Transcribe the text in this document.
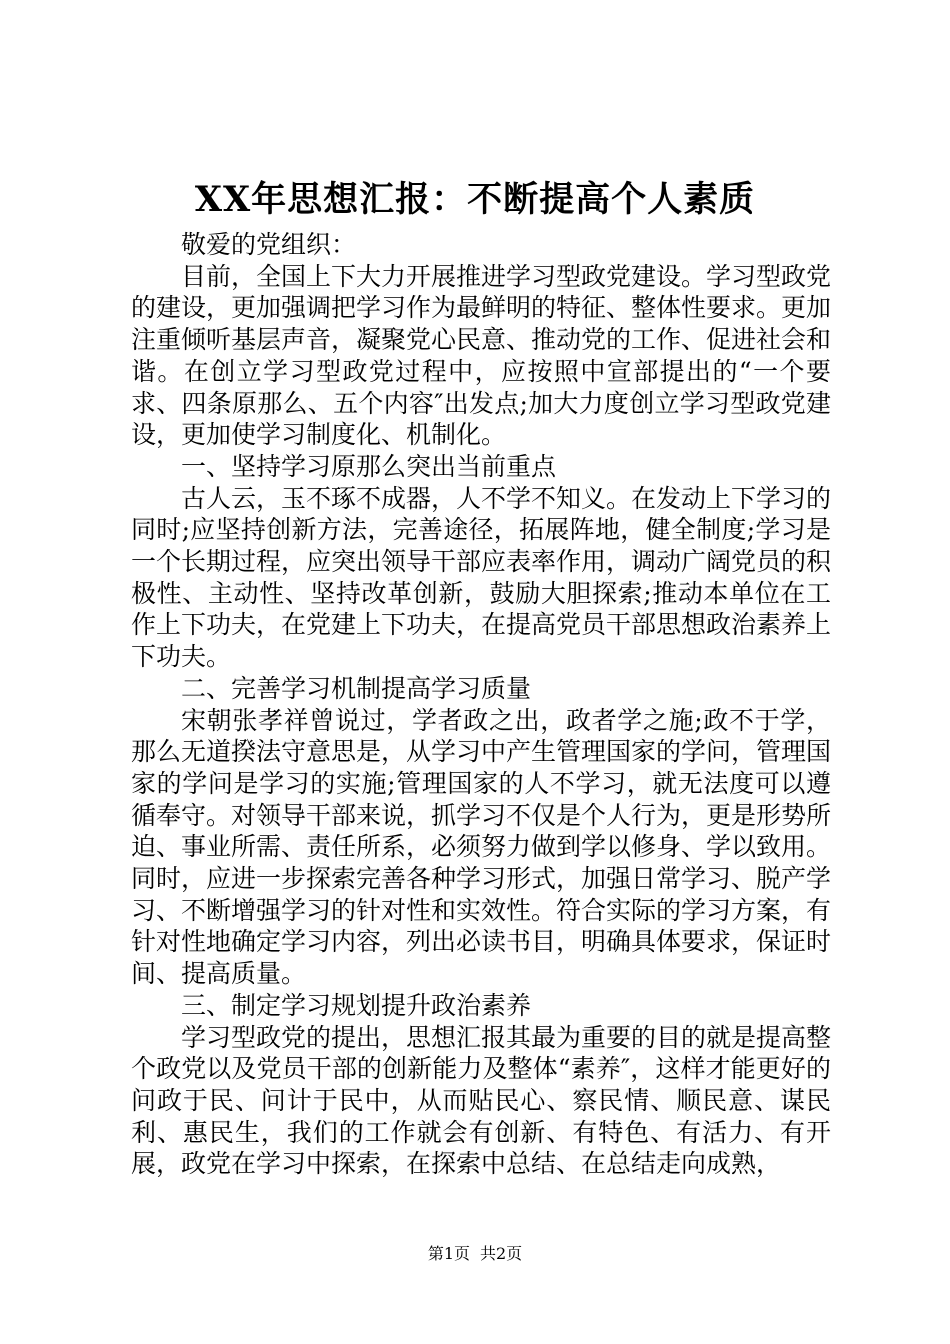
XX年思想汇报：不断提高个人素质

敬爱的党组织：

目前，全国上下大力开展推进学习型政党建设。学习型政党的建设，更加强调把学习作为最鲜明的特征、整体性要求。更加注重倾听基层声音，凝聚党心民意、推动党的工作、促进社会和谐。在创立学习型政党过程中，应按照中宣部提出的“一个要求、四条原那么、五个内容″出发点;加大力度创立学习型政党建设，更加使学习制度化、机制化。

一、坚持学习原那么突出当前重点

古人云，玉不琢不成器，人不学不知义。在发动上下学习的同时;应坚持创新方法，完善途径，拓展阵地，健全制度;学习是一个长期过程，应突出领导干部应表率作用，调动广阔党员的积极性、主动性、坚持改革创新，鼓励大胆探索;推动本单位在工作上下功夫，在党建上下功夫，在提高党员干部思想政治素养上下功夫。

二、完善学习机制提高学习质量

宋朝张孝祥曾说过，学者政之出，政者学之施;政不于学，那么无道揆法守意思是，从学习中产生管理国家的学问，管理国家的学问是学习的实施;管理国家的人不学习，就无法度可以遵循奉守。对领导干部来说，抓学习不仅是个人行为，更是形势所迫、事业所需、责任所系，必须努力做到学以修身、学以致用。同时，应进一步探索完善各种学习形式，加强日常学习、脱产学习、不断增强学习的针对性和实效性。符合实际的学习方案，有针对性地确定学习内容，列出必读书目，明确具体要求，保证时间、提高质量。

三、制定学习规划提升政治素养

学习型政党的提出，思想汇报其最为重要的目的就是提高整个政党以及党员干部的创新能力及整体“素养″，这样才能更好的问政于民、问计于民中，从而贴民心、察民情、顺民意、谋民利、惠民生，我们的工作就会有创新、有特色、有活力、有开展，政党在学习中探索，在探索中总结、在总结走向成熟，

第1页 共2页
